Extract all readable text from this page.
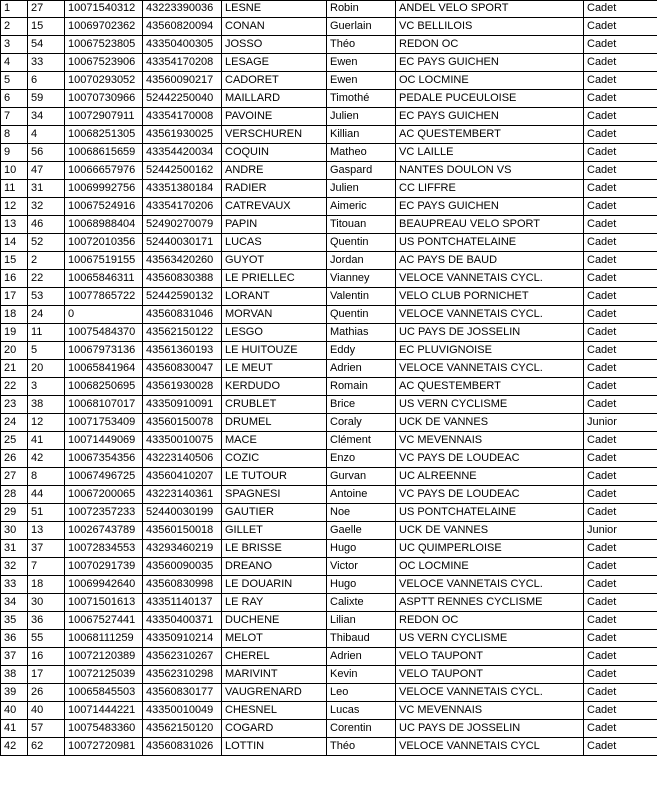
1	27	10071540312	43223390036	LESNE	Robin	ANDEL VELO SPORT	Cadet
2	15	10069702362	43560820094	CONAN	Guerlain	VC BELLILOIS	Cadet
3	54	10067523805	43350400305	JOSSO	Théo	REDON OC	Cadet
4	33	10067523906	43354170208	LESAGE	Ewen	EC PAYS GUICHEN	Cadet
5	6	10070293052	43560090217	CADORET	Ewen	OC LOCMINE	Cadet
6	59	10070730966	52442250040	MAILLARD	Timothé	PEDALE PUCEULOISE	Cadet
7	34	10072907911	43354170008	PAVOINE	Julien	EC PAYS GUICHEN	Cadet
8	4	10068251305	43561930025	VERSCHUREN	Killian	AC QUESTEMBERT	Cadet
9	56	10068615659	43354420034	COQUIN	Matheo	VC LAILLE	Cadet
10	47	10066657976	52442500162	ANDRE	Gaspard	NANTES DOULON VS	Cadet
11	31	10069992756	43351380184	RADIER	Julien	CC LIFFRE	Cadet
12	32	10067524916	43354170206	CATREVAUX	Aimeric	EC PAYS GUICHEN	Cadet
13	46	10068988404	52490270079	PAPIN	Titouan	BEAUPREAU VELO SPORT	Cadet
14	52	10072010356	52440030171	LUCAS	Quentin	US PONTCHATELAINE	Cadet
15	2	10067519155	43563420260	GUYOT	Jordan	AC PAYS DE BAUD	Cadet
16	22	10065846311	43560830388	LE PRIELLEC	Vianney	VELOCE VANNETAIS CYCL.	Cadet
17	53	10077865722	52442590132	LORANT	Valentin	VELO CLUB PORNICHET	Cadet
18	24	0	43560831046	MORVAN	Quentin	VELOCE VANNETAIS CYCL.	Cadet
19	11	10075484370	43562150122	LESGO	Mathias	UC PAYS DE JOSSELIN	Cadet
20	5	10067973136	43561360193	LE HUITOUZE	Eddy	EC PLUVIGNOISE	Cadet
21	20	10065841964	43560830047	LE MEUT	Adrien	VELOCE VANNETAIS CYCL.	Cadet
22	3	10068250695	43561930028	KERDUDO	Romain	AC QUESTEMBERT	Cadet
23	38	10068107017	43350910091	CRUBLET	Brice	US VERN CYCLISME	Cadet
24	12	10071753409	43560150078	DRUMEL	Coraly	UCK DE VANNES	Junior
25	41	10071449069	43350010075	MACE	Clément	VC MEVENNAIS	Cadet
26	42	10067354356	43223140506	COZIC	Enzo	VC PAYS DE LOUDEAC	Cadet
27	8	10067496725	43560410207	LE TUTOUR	Gurvan	UC ALREENNE	Cadet
28	44	10067200065	43223140361	SPAGNESI	Antoine	VC PAYS DE LOUDEAC	Cadet
29	51	10072357233	52440030199	GAUTIER	Noe	US PONTCHATELAINE	Cadet
30	13	10026743789	43560150018	GILLET	Gaelle	UCK DE VANNES	Junior
31	37	10072834553	43293460219	LE BRISSE	Hugo	UC QUIMPERLOISE	Cadet
32	7	10070291739	43560090035	DREANO	Victor	OC LOCMINE	Cadet
33	18	10069942640	43560830998	LE DOUARIN	Hugo	VELOCE VANNETAIS CYCL.	Cadet
34	30	10071501613	43351140137	LE RAY	Calixte	ASPTT RENNES CYCLISME	Cadet
35	36	10067527441	43350400371	DUCHENE	Lilian	REDON OC	Cadet
36	55	10068111259	43350910214	MELOT	Thibaud	US VERN CYCLISME	Cadet
37	16	10072120389	43562310267	CHEREL	Adrien	VELO TAUPONT	Cadet
38	17	10072125039	43562310298	MARIVINT	Kevin	VELO TAUPONT	Cadet
39	26	10065845503	43560830177	VAUGRENARD	Leo	VELOCE VANNETAIS CYCL.	Cadet
40	40	10071444221	43350010049	CHESNEL	Lucas	VC MEVENNAIS	Cadet
41	57	10075483360	43562150120	COGARD	Corentin	UC PAYS DE JOSSELIN	Cadet
42	62	10072720981	43560831026	LOTTIN	Théo	VELOCE VANNETAIS CYCL	Cadet
